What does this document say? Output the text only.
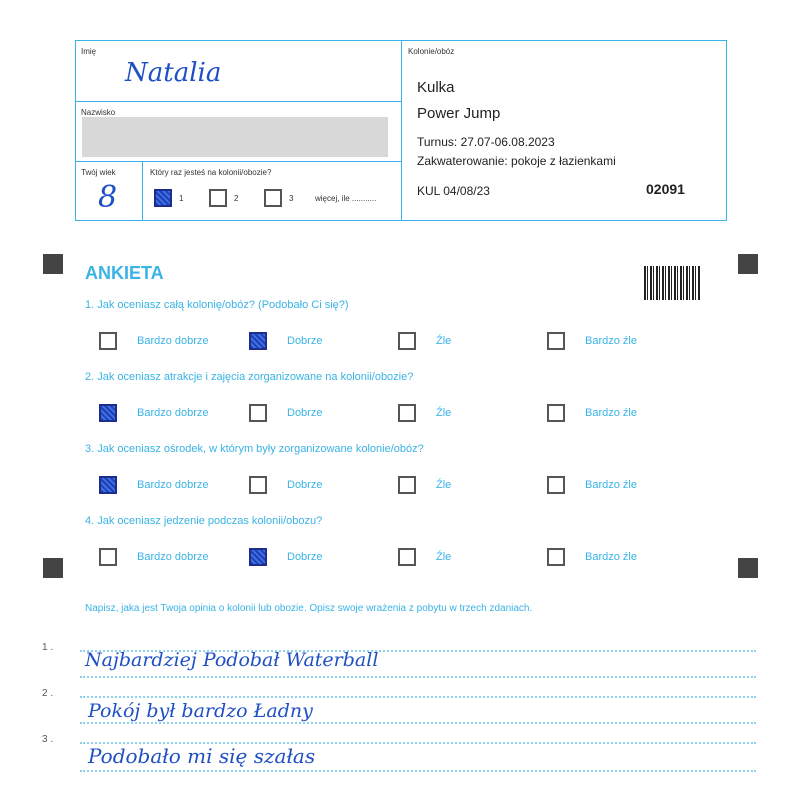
Imię
Natalia
Nazwisko
Twój wiek
8
Który raz jesteś na kolonii/obozie?
1	2	3	więcej, ile ...........
Kolonie/obóz
Kulka
Power Jump
Turnus: 27.07-06.08.2023
Zakwaterowanie: pokoje z łazienkami
KUL 04/08/23	02091
ANKIETA
1. Jak oceniasz całą kolonię/obóz? (Podobało Ci się?)
Bardzo dobrze	Dobrze	Źle	Bardzo źle
2. Jak oceniasz atrakcje i zajęcia zorganizowane na kolonii/obozie?
Bardzo dobrze	Dobrze	Źle	Bardzo źle
3. Jak oceniasz ośrodek, w którym były zorganizowane kolonie/obóz?
Bardzo dobrze	Dobrze	Źle	Bardzo źle
4. Jak oceniasz jedzenie podczas kolonii/obozu?
Bardzo dobrze	Dobrze	Źle	Bardzo źle
Napisz, jaka jest Twoja opinia o kolonii lub obozie. Opisz swoje wrażenia z pobytu w trzech zdaniach.
1 .
Najbardziej Podobał Waterball
2 .
Pokój był bardzo Ładny
3 .
Podobało mi się szałas
